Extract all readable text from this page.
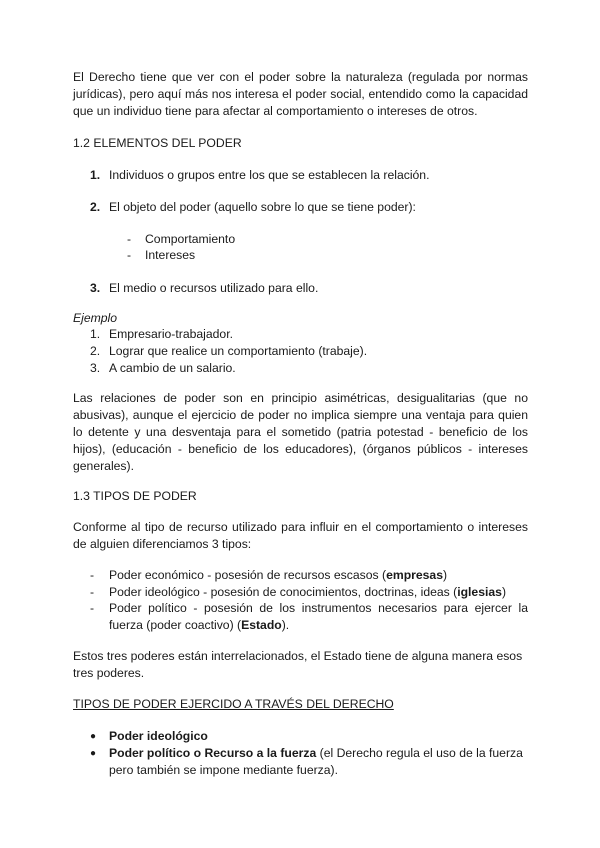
El Derecho tiene que ver con el poder sobre la naturaleza (regulada por normas jurídicas), pero aquí más nos interesa el poder social, entendido como la capacidad que un individuo tiene para afectar al comportamiento o intereses de otros.

1.2 ELEMENTOS DEL PODER
1. Individuos o grupos entre los que se establecen la relación.
2. El objeto del poder (aquello sobre lo que se tiene poder):
- Comportamiento
- Intereses
3. El medio o recursos utilizado para ello.
Ejemplo
1. Empresario-trabajador.
2. Lograr que realice un comportamiento (trabaje).
3. A cambio de un salario.

Las relaciones de poder son en principio asimétricas, desigualitarias (que no abusivas), aunque el ejercicio de poder no implica siempre una ventaja para quien lo detente y una desventaja para el sometido (patria potestad - beneficio de los hijos), (educación - beneficio de los educadores), (órganos públicos - intereses generales).

1.3 TIPOS DE PODER

Conforme al tipo de recurso utilizado para influir en el comportamiento o intereses de alguien diferenciamos 3 tipos:

- Poder económico - posesión de recursos escasos (empresas)
- Poder ideológico - posesión de conocimientos, doctrinas, ideas (iglesias)
- Poder político - posesión de los instrumentos necesarios para ejercer la fuerza (poder coactivo) (Estado).

Estos tres poderes están interrelacionados, el Estado tiene de alguna manera esos tres poderes.

TIPOS DE PODER EJERCIDO A TRAVÉS DEL DERECHO
● Poder ideológico
● Poder político o Recurso a la fuerza (el Derecho regula el uso de la fuerza pero también se impone mediante fuerza).
